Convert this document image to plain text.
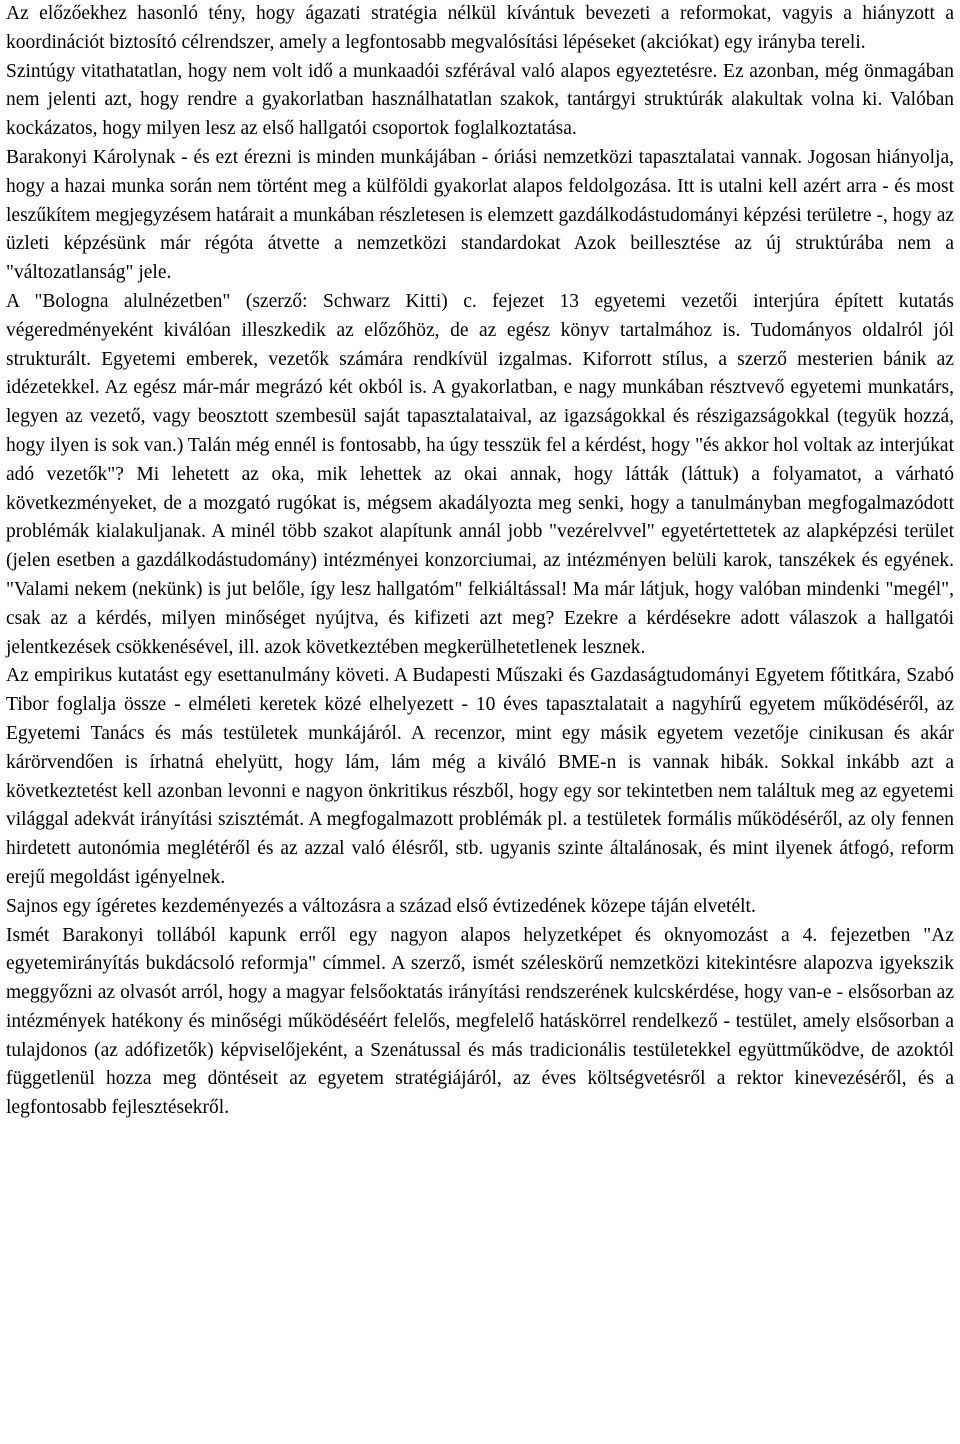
Az előzőekhez hasonló tény, hogy ágazati stratégia nélkül kívántuk bevezeti a reformokat, vagyis a hiányzott a koordinációt biztosító célrendszer, amely a legfontosabb megvalósítási lépéseket (akciókat) egy irányba tereli.

Szintúgy vitathatatlan, hogy nem volt idő a munkaadói szférával való alapos egyeztetésre. Ez azonban, még önmagában nem jelenti azt, hogy rendre a gyakorlatban használhatatlan szakok, tantárgyi struktúrák alakultak volna ki. Valóban kockázatos, hogy milyen lesz az első hallgatói csoportok foglalkoztatása.

Barakonyi Károlynak - és ezt érezni is minden munkájában - óriási nemzetközi tapasztalatai vannak. Jogosan hiányolja, hogy a hazai munka során nem történt meg a külföldi gyakorlat alapos feldolgozása. Itt is utalni kell azért arra - és most leszűkítem megjegyzésem határait a munkában részletesen is elemzett gazdálkodástudományi képzési területre -, hogy az üzleti képzésünk már régóta átvette a nemzetközi standardokat Azok beillesztése az új struktúrába nem a "változatlanság" jele.

A "Bologna alulnézetben" (szerző: Schwarz Kitti) c. fejezet 13 egyetemi vezetői interjúra épített kutatás végeredményeként kiválóan illeszkedik az előzőhöz, de az egész könyv tartalmához is. Tudományos oldalról jól strukturált. Egyetemi emberek, vezetők számára rendkívül izgalmas. Kiforrott stílus, a szerző mesterien bánik az idézetekkel. Az egész már-már megrázó két okból is. A gyakorlatban, e nagy munkában résztvevő egyetemi munkatárs, legyen az vezető, vagy beosztott szembesül saját tapasztalataival, az igazságokkal és részigazságokkal (tegyük hozzá, hogy ilyen is sok van.) Talán még ennél is fontosabb, ha úgy tesszük fel a kérdést, hogy "és akkor hol voltak az interjúkat adó vezetők"? Mi lehetett az oka, mik lehettek az okai annak, hogy látták (láttuk) a folyamatot, a várható következményeket, de a mozgató rugókat is, mégsem akadályozta meg senki, hogy a tanulmányban megfogalmazódott problémák kialakuljanak. A minél több szakot alapítunk annál jobb "vezérelvvel" egyetértettetek az alapképzési terület (jelen esetben a gazdálkodástudomány) intézményei konzorciumai, az intézményen belüli karok, tanszékek és egyének. "Valami nekem (nekünk) is jut belőle, így lesz hallgatóm" felkiáltással! Ma már látjuk, hogy valóban mindenki "megél", csak az a kérdés, milyen minőséget nyújtva, és kifizeti azt meg? Ezekre a kérdésekre adott válaszok a hallgatói jelentkezések csökkenésével, ill. azok következtében megkerülhetetlenek lesznek.

Az empirikus kutatást egy esettanulmány követi. A Budapesti Műszaki és Gazdaságtudományi Egyetem főtitkára, Szabó Tibor foglalja össze - elméleti keretek közé elhelyezett - 10 éves tapasztalatait a nagyhírű egyetem működéséről, az Egyetemi Tanács és más testületek munkájáról. A recenzor, mint egy másik egyetem vezetője cinikusan és akár kárörvendően is írhatná ehelyütt, hogy lám, lám még a kiváló BME-n is vannak hibák. Sokkal inkább azt a következtetést kell azonban levonni e nagyon önkritikus részből, hogy egy sor tekintetben nem találtuk meg az egyetemi világgal adekvát irányítási szisztémát. A megfogalmazott problémák pl. a testületek formális működéséről, az oly fennen hirdetett autonómia meglétéről és az azzal való élésről, stb. ugyanis szinte általánosak, és mint ilyenek átfogó, reform erejű megoldást igényelnek.

Sajnos egy ígéretes kezdeményezés a változásra a század első évtizedének közepe táján elvetélt.

Ismét Barakonyi tollából kapunk erről egy nagyon alapos helyzetképet és oknyomozást a 4. fejezetben "Az egyetemirányítás bukdácsoló reformja" címmel. A szerző, ismét széleskörű nemzetközi kitekintésre alapozva igyekszik meggyőzni az olvasót arról, hogy a magyar felsőoktatás irányítási rendszerének kulcskérdése, hogy van-e - elsősorban az intézmények hatékony és minőségi működéséért felelős, megfelelő hatáskörrel rendelkező - testület, amely elsősorban a tulajdonos (az adófizetők) képviselőjeként, a Szenátussal és más tradicionális testületekkel együttműködve, de azoktól függetlenül hozza meg döntéseit az egyetem stratégiájáról, az éves költségvetésről a rektor kinevezéséről, és a legfontosabb fejlesztésekről.
